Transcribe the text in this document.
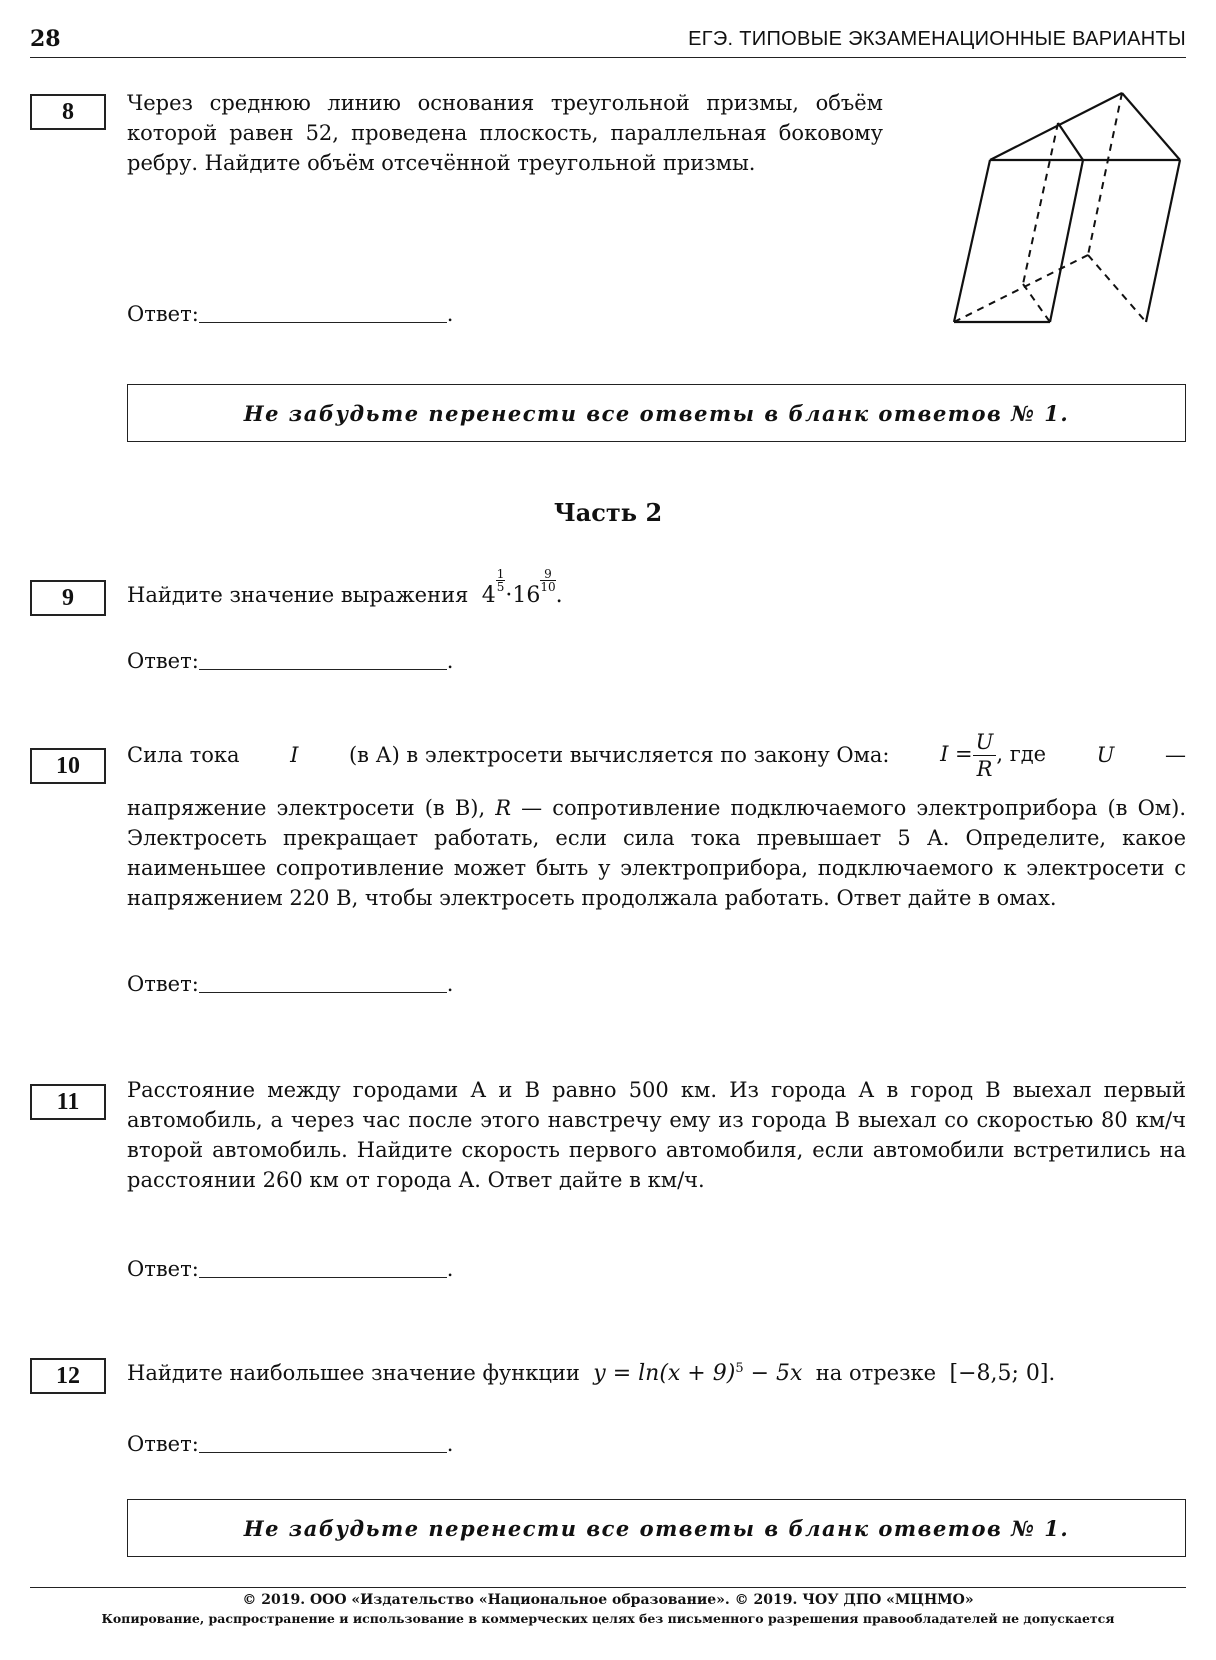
28	ЕГЭ. ТИПОВЫЕ ЭКЗАМЕНАЦИОННЫЕ ВАРИАНТЫ
8	Через среднюю линию основания треугольной призмы, объём которой равен 52, проведена плоскость, параллельная боковому ребру. Найдите объём отсечённой треугольной призмы.
Ответ:	.
Не забудьте перенести все ответы в бланк ответов № 1.
Часть 2
9	Найдите значение выражения 4
$\frac{1}{5}$
·16
$\frac{9}{10}$
.
Ответ:	.
10	Сила тока I (в А) в электросети вычисляется по закону Ома: $I = \frac{U}{R}$ , где U —
напряжение электросети (в В), R — сопротивление подключаемого электроприбора (в Ом). Электросеть прекращает работать, если сила тока превышает 5 А. Определите, какое наименьшее сопротивление может быть у электроприбора, подключаемого к электросети с напряжением 220 В, чтобы электросеть продолжала работать. Ответ дайте в омах.
Ответ:	.
11	Расстояние между городами А и В равно 500 км. Из города А в город В выехал первый автомобиль, а через час после этого навстречу ему из города В выехал со скоростью 80 км/ч второй автомобиль. Найдите скорость первого автомобиля, если автомобили встретились на расстоянии 260 км от города А. Ответ дайте в км/ч.
Ответ:	.
12	Найдите наибольшее значение функции $y = \ln(x + 9)^5 - 5x$ на отрезке [−8,5; 0].
Ответ:	.
Не забудьте перенести все ответы в бланк ответов № 1.
© 2019. ООО «Издательство «Национальное образование». © 2019. ЧОУ ДПО «МЦНМО»
Копирование, распространение и использование в коммерческих целях без письменного разрешения правообладателей не допускается
